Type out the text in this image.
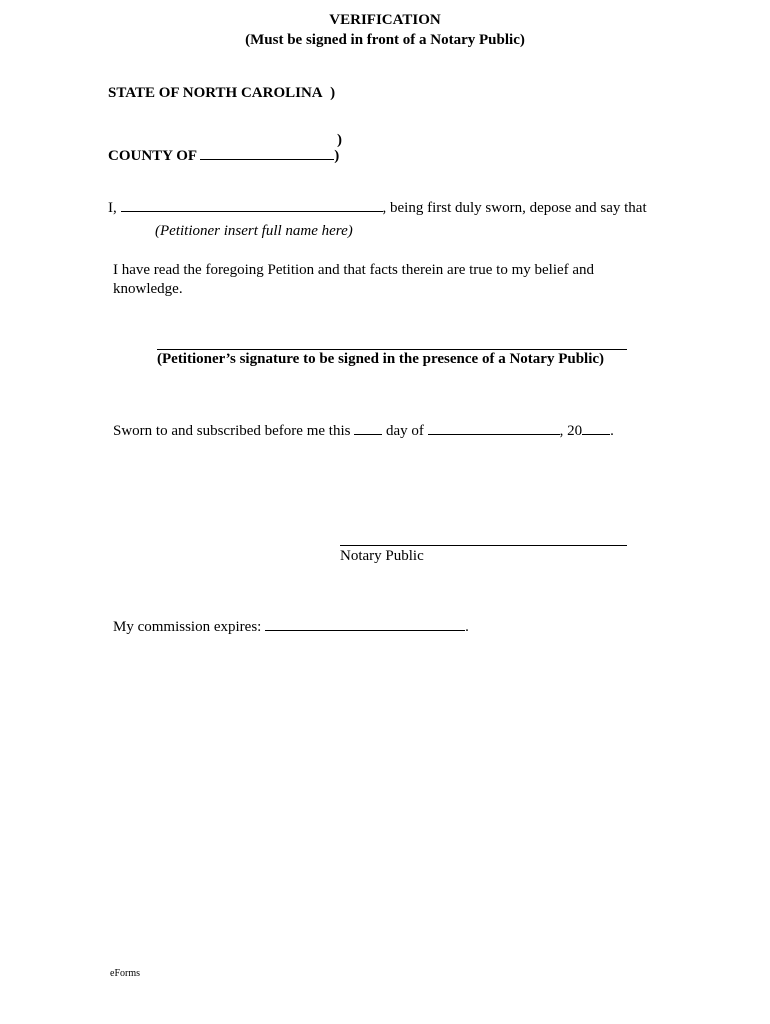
VERIFICATION
(Must be signed in front of a Notary Public)
STATE OF NORTH CAROLINA )
)
COUNTY OF	)
I,	, being first duly sworn, depose and say that
(Petitioner insert full name here)
I have read the foregoing Petition and that facts therein are true to my belief and
knowledge.
(Petitioner’s signature to be signed in the presence of a Notary Public)
Sworn to and subscribed before me this day of	, 20 .
Notary Public
My commission expires:	.
eForms
